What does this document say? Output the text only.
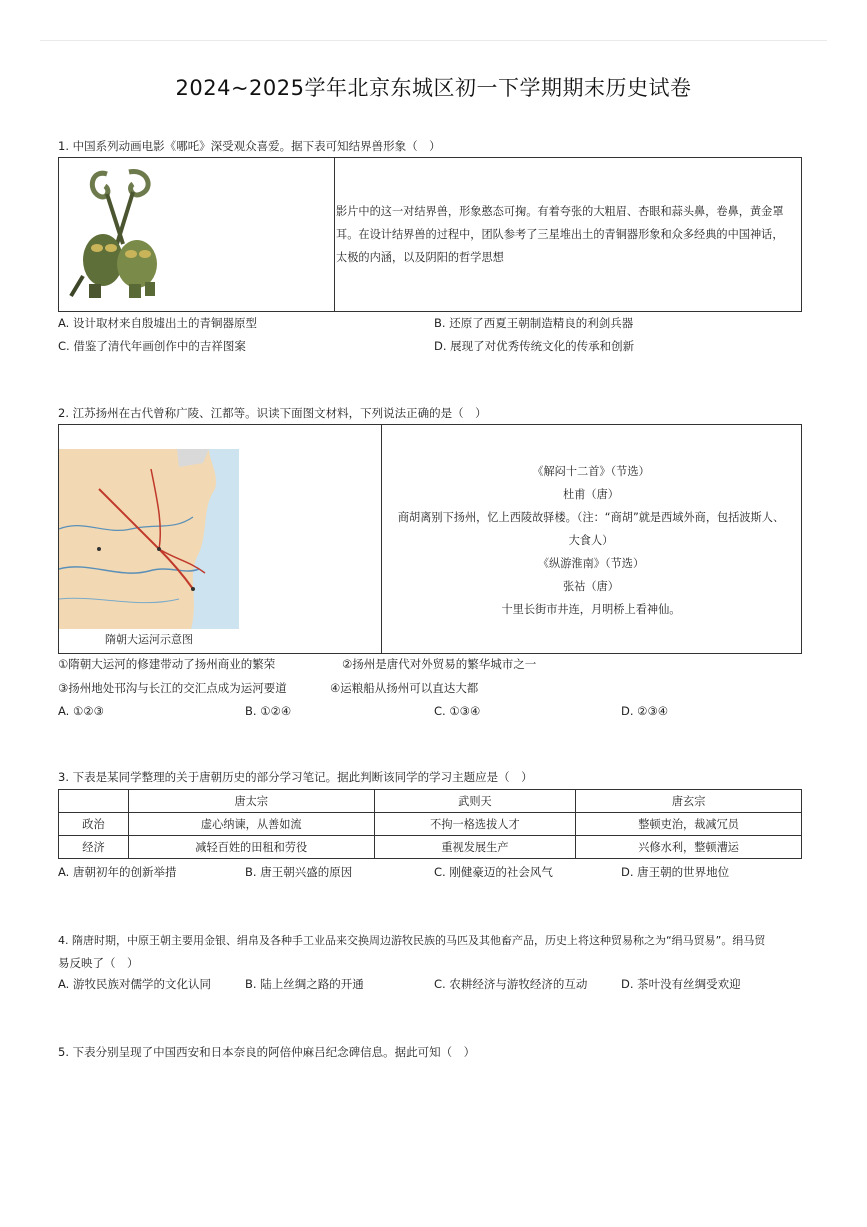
2024~2025学年北京东城区初一下学期期末历史试卷
1. 中国系列动画电影《哪吒》深受观众喜爱。据下表可知结界兽形象（　）
影片中的这一对结界兽，形象憨态可掬。有着夸张的大粗眉、杏眼和蒜头鼻，卷鼻，黄金罩
耳。在设计结界兽的过程中，团队参考了三星堆出土的青铜器形象和众多经典的中国神话，
太极的内涵，以及阴阳的哲学思想
A. 设计取材来自殷墟出土的青铜器原型	B. 还原了西夏王朝制造精良的利剑兵器
C. 借鉴了清代年画创作中的吉祥图案	D. 展现了对优秀传统文化的传承和创新
2. 江苏扬州在古代曾称广陵、江都等。识读下面图文材料，下列说法正确的是（　）
隋朝大运河示意图
《解闷十二首》（节选）
杜甫（唐）
商胡离别下扬州，忆上西陵故驿楼。（注：“商胡”就是西域外商，包括波斯人、
大食人）
《纵游淮南》（节选）
张祜（唐）
十里长街市井连，月明桥上看神仙。
①隋朝大运河的修建带动了扬州商业的繁荣	②扬州是唐代对外贸易的繁华城市之一
③扬州地处邗沟与长江的交汇点成为运河要道	④运粮船从扬州可以直达大都
A. ①②③	B. ①②④	C. ①③④	D. ②③④
3. 下表是某同学整理的关于唐朝历史的部分学习笔记。据此判断该同学的学习主题应是（　）
	唐太宗	武则天	唐玄宗
政治	虚心纳谏，从善如流	不拘一格选拔人才	整顿吏治，裁减冗员
经济	减轻百姓的田租和劳役	重视发展生产	兴修水利，整顿漕运
A. 唐朝初年的创新举措	B. 唐王朝兴盛的原因	C. 刚健豪迈的社会风气	D. 唐王朝的世界地位
4. 隋唐时期，中原王朝主要用金银、绢帛及各种手工业品来交换周边游牧民族的马匹及其他畜产品，历史上将这种贸易称之为“绢马贸易”。绢马贸
易反映了（　）
A. 游牧民族对儒学的文化认同	B. 陆上丝绸之路的开通	C. 农耕经济与游牧经济的互动	D. 茶叶没有丝绸受欢迎
5. 下表分别呈现了中国西安和日本奈良的阿倍仲麻吕纪念碑信息。据此可知（　）
